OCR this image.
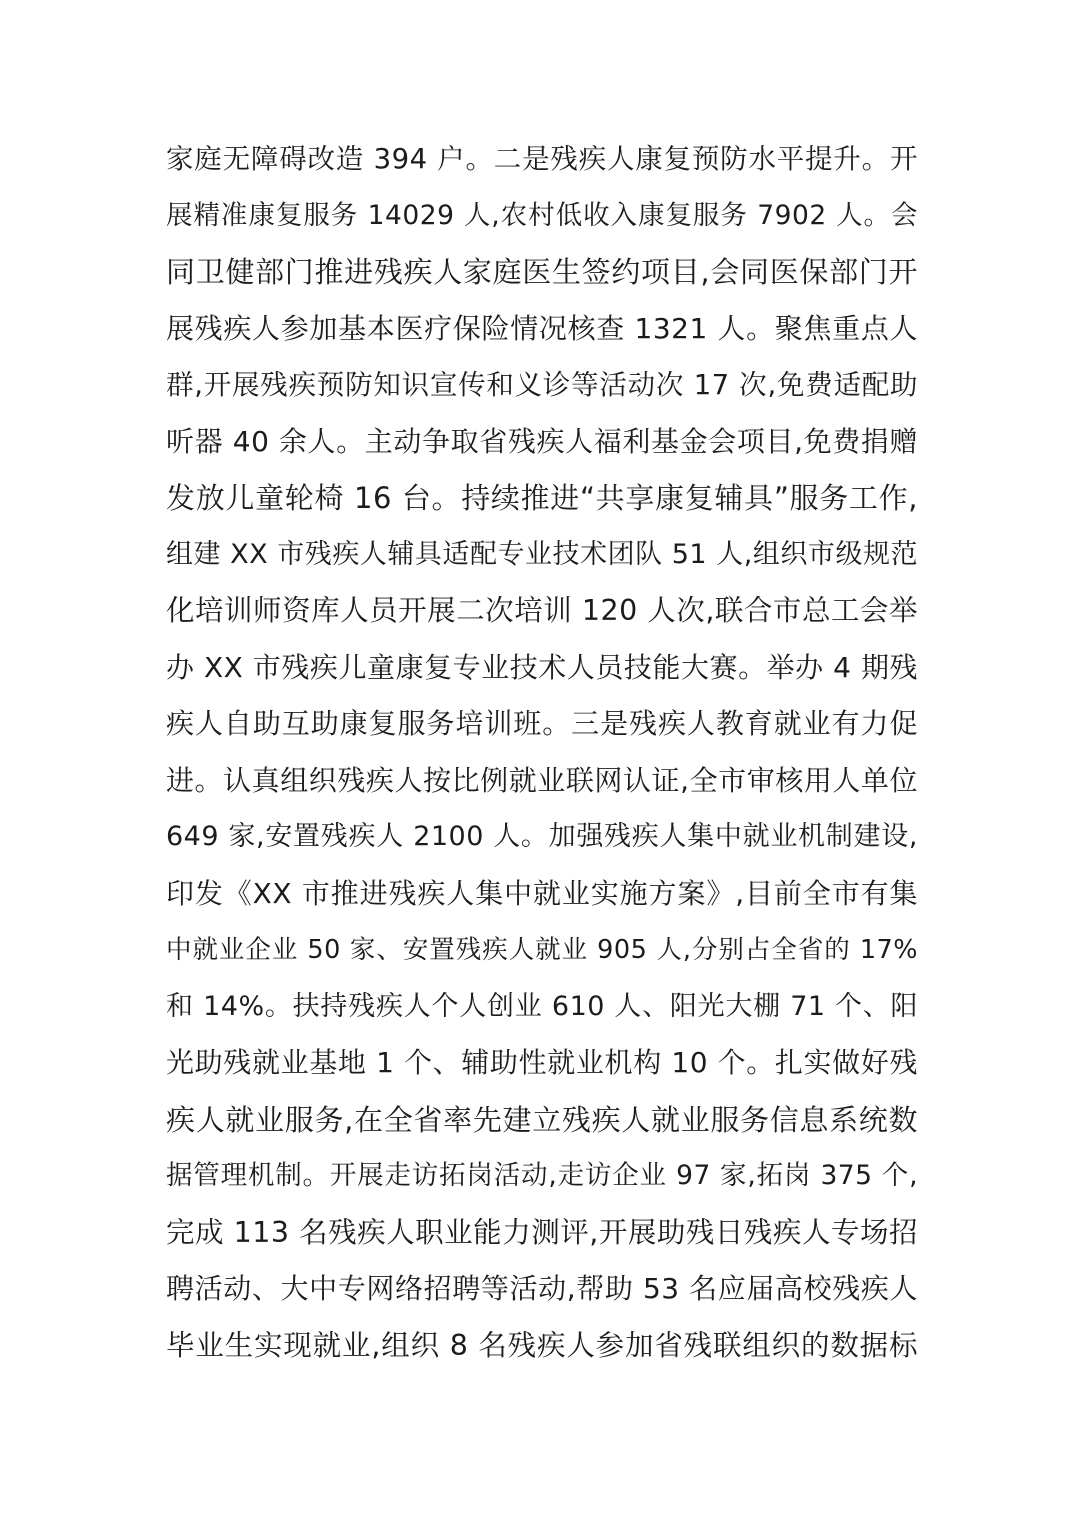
家庭无障碍改造 394 户。二是残疾人康复预防水平提升。开
展精准康复服务 14029 人,农村低收入康复服务 7902 人。会
同卫健部门推进残疾人家庭医生签约项目,会同医保部门开
展残疾人参加基本医疗保险情况核查 1321 人。聚焦重点人
群,开展残疾预防知识宣传和义诊等活动次 17 次,免费适配助
听器 40 余人。主动争取省残疾人福利基金会项目,免费捐赠
发放儿童轮椅 16 台。持续推进“共享康复辅具”服务工作,
组建 XX 市残疾人辅具适配专业技术团队 51 人,组织市级规范
化培训师资库人员开展二次培训 120 人次,联合市总工会举
办 XX 市残疾儿童康复专业技术人员技能大赛。举办 4 期残
疾人自助互助康复服务培训班。三是残疾人教育就业有力促
进。认真组织残疾人按比例就业联网认证,全市审核用人单位
649 家,安置残疾人 2100 人。加强残疾人集中就业机制建设,
印发《XX 市推进残疾人集中就业实施方案》,目前全市有集
中就业企业 50 家、安置残疾人就业 905 人,分别占全省的 17%
和 14%。扶持残疾人个人创业 610 人、阳光大棚 71 个、阳
光助残就业基地 1 个、辅助性就业机构 10 个。扎实做好残
疾人就业服务,在全省率先建立残疾人就业服务信息系统数
据管理机制。开展走访拓岗活动,走访企业 97 家,拓岗 375 个,
完成 113 名残疾人职业能力测评,开展助残日残疾人专场招
聘活动、大中专网络招聘等活动,帮助 53 名应届高校残疾人
毕业生实现就业,组织 8 名残疾人参加省残联组织的数据标
